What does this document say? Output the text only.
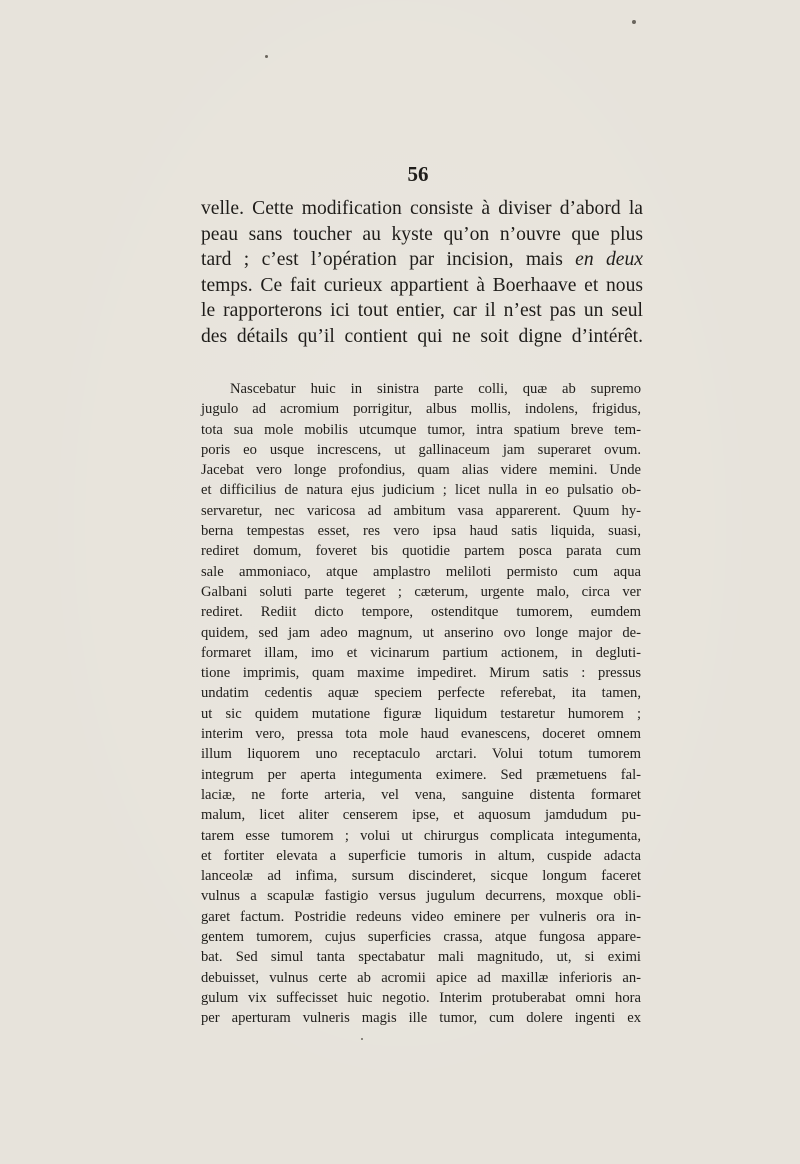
56
velle. Cette modification consiste à diviser d’abord la
peau sans toucher au kyste qu’on n’ouvre que plus
tard ; c’est l’opération par incision, mais en deux
temps. Ce fait curieux appartient à Boerhaave et nous
le rapporterons ici tout entier, car il n’est pas un seul
des détails qu’il contient qui ne soit digne d’intérêt.
Nascebatur huic in sinistra parte colli, quæ ab supremo
jugulo ad acromium porrigitur, albus mollis, indolens, frigidus,
tota sua mole mobilis utcumque tumor, intra spatium breve tem-
poris eo usque increscens, ut gallinaceum jam superaret ovum.
Jacebat vero longe profondius, quam alias videre memini. Unde
et difficilius de natura ejus judicium ; licet nulla in eo pulsatio ob-
servaretur, nec varicosa ad ambitum vasa apparerent. Quum hy-
berna tempestas esset, res vero ipsa haud satis liquida, suasi,
rediret domum, foveret bis quotidie partem posca parata cum
sale ammoniaco, atque amplastro meliloti permisto cum aqua
Galbani soluti parte tegeret ; cæterum, urgente malo, circa ver
rediret. Rediit dicto tempore, ostenditque tumorem, eumdem
quidem, sed jam adeo magnum, ut anserino ovo longe major de-
formaret illam, imo et vicinarum partium actionem, in degluti-
tione imprimis, quam maxime impediret. Mirum satis : pressus
undatim cedentis aquæ speciem perfecte referebat, ita tamen,
ut sic quidem mutatione figuræ liquidum testaretur humorem ;
interim vero, pressa tota mole haud evanescens, doceret omnem
illum liquorem uno receptaculo arctari. Volui totum tumorem
integrum per aperta integumenta eximere. Sed præmetuens fal-
laciæ, ne forte arteria, vel vena, sanguine distenta formaret
malum, licet aliter censerem ipse, et aquosum jamdudum pu-
tarem esse tumorem ; volui ut chirurgus complicata integumenta,
et fortiter elevata a superficie tumoris in altum, cuspide adacta
lanceolæ ad infima, sursum discinderet, sicque longum faceret
vulnus a scapulæ fastigio versus jugulum decurrens, moxque obli-
garet factum. Postridie redeuns video eminere per vulneris ora in-
gentem tumorem, cujus superficies crassa, atque fungosa appare-
bat. Sed simul tanta spectabatur mali magnitudo, ut, si eximi
debuisset, vulnus certe ab acromii apice ad maxillæ inferioris an-
gulum vix suffecisset huic negotio. Interim protuberabat omni hora
per aperturam vulneris magis ille tumor, cum dolere ingenti ex
